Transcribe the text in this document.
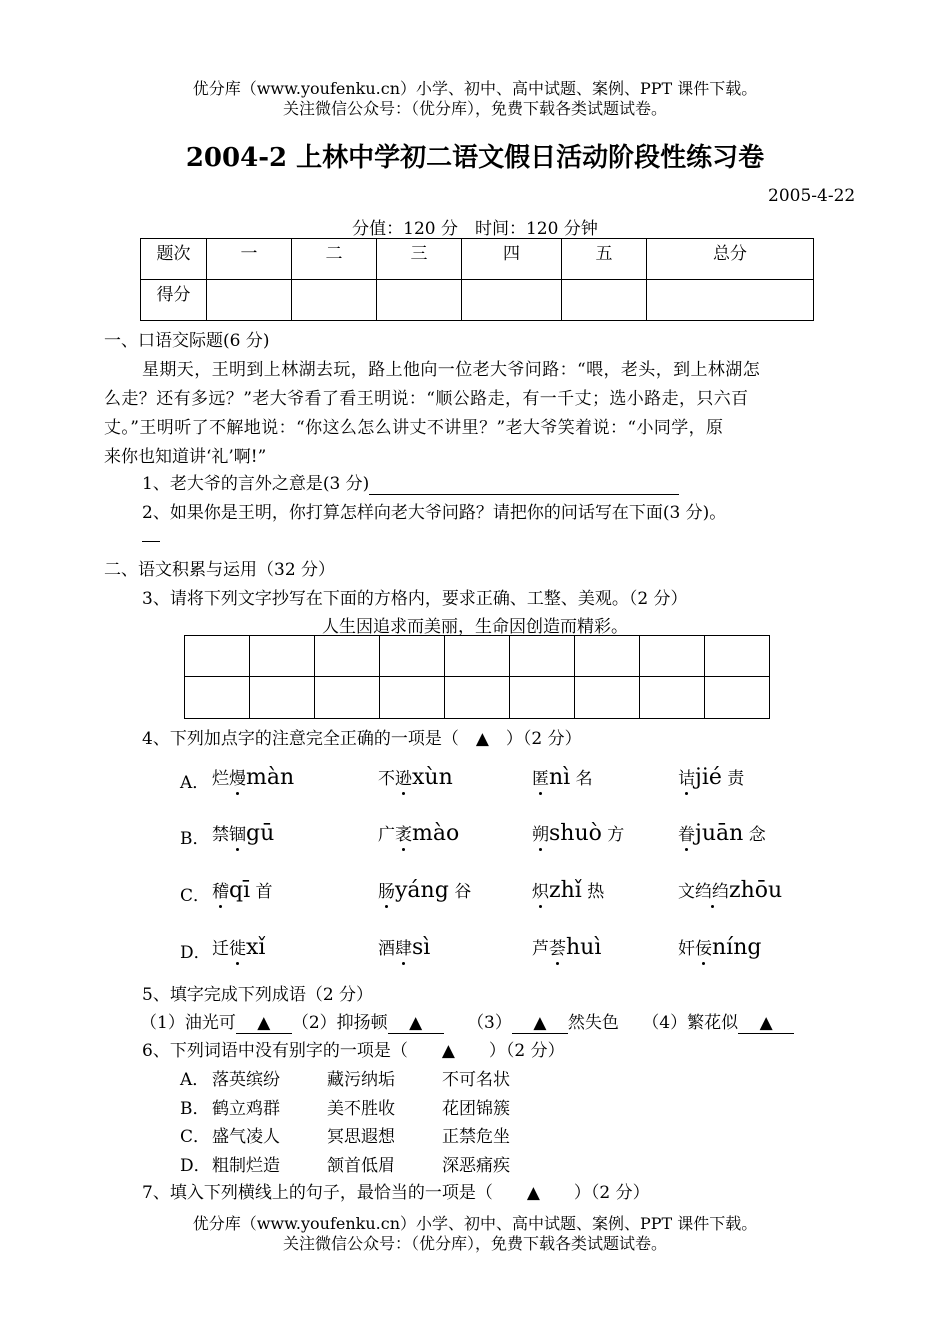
优分库（www.youfenku.cn）小学、初中、高中试题、案例、PPT 课件下载。
关注微信公众号：（优分库），免费下载各类试题试卷。
2004-2 上林中学初二语文假日活动阶段性练习卷
2005-4-22
分值：120 分　时间：120 分钟
题次	一	二	三	四	五	总分
得分						
一、口语交际题(6 分)
星期天，王明到上林湖去玩，路上他向一位老大爷问路：“喂，老头，到上林湖怎
么走？还有多远？”老大爷看了看王明说：“顺公路走，有一千丈；选小路走，只六百
丈。”王明听了不解地说：“你这么怎么讲丈不讲里？”老大爷笑着说：“小同学，原
来你也知道讲‘礼’啊!”
1、老大爷的言外之意是(3 分)
2、如果你是王明，你打算怎样向老大爷问路？请把你的问话写在下面(3 分)。
二、语文积累与运用（32 分）
3、请将下列文字抄写在下面的方格内，要求正确、工整、美观。（2 分）
人生因追求而美丽，生命因创造而精彩。

4、下列加点字的注意完全正确的一项是（　▲　）（2 分）
A． 烂熳màn	不逊xùn	匿nì 名	诘jié 责
B． 禁锢gū	广袤mào	朔shuò 方	眷juān 念
C． 稽qī 首	肠yáng 谷	炽zhǐ 热	文绉绉zhōu
D． 迁徙xǐ	酒肆sì	芦荟huì	奸佞níng
5、填字完成下列成语（2 分）
（1）油光可 ▲ （2）抑扬顿 ▲	（3） ▲ 然失色 （4）繁花似 ▲
6、下列词语中没有别字的一项是（　　▲　　）（2 分）
A． 落英缤纷	藏污纳垢	不可名状
B． 鹤立鸡群	美不胜收	花团锦簇
C． 盛气凌人	冥思遐想	正禁危坐
D． 粗制烂造	颔首低眉	深恶痛疾
7、填入下列横线上的句子，最恰当的一项是（　　▲　　）（2 分）
优分库（www.youfenku.cn）小学、初中、高中试题、案例、PPT 课件下载。
关注微信公众号：（优分库），免费下载各类试题试卷。
